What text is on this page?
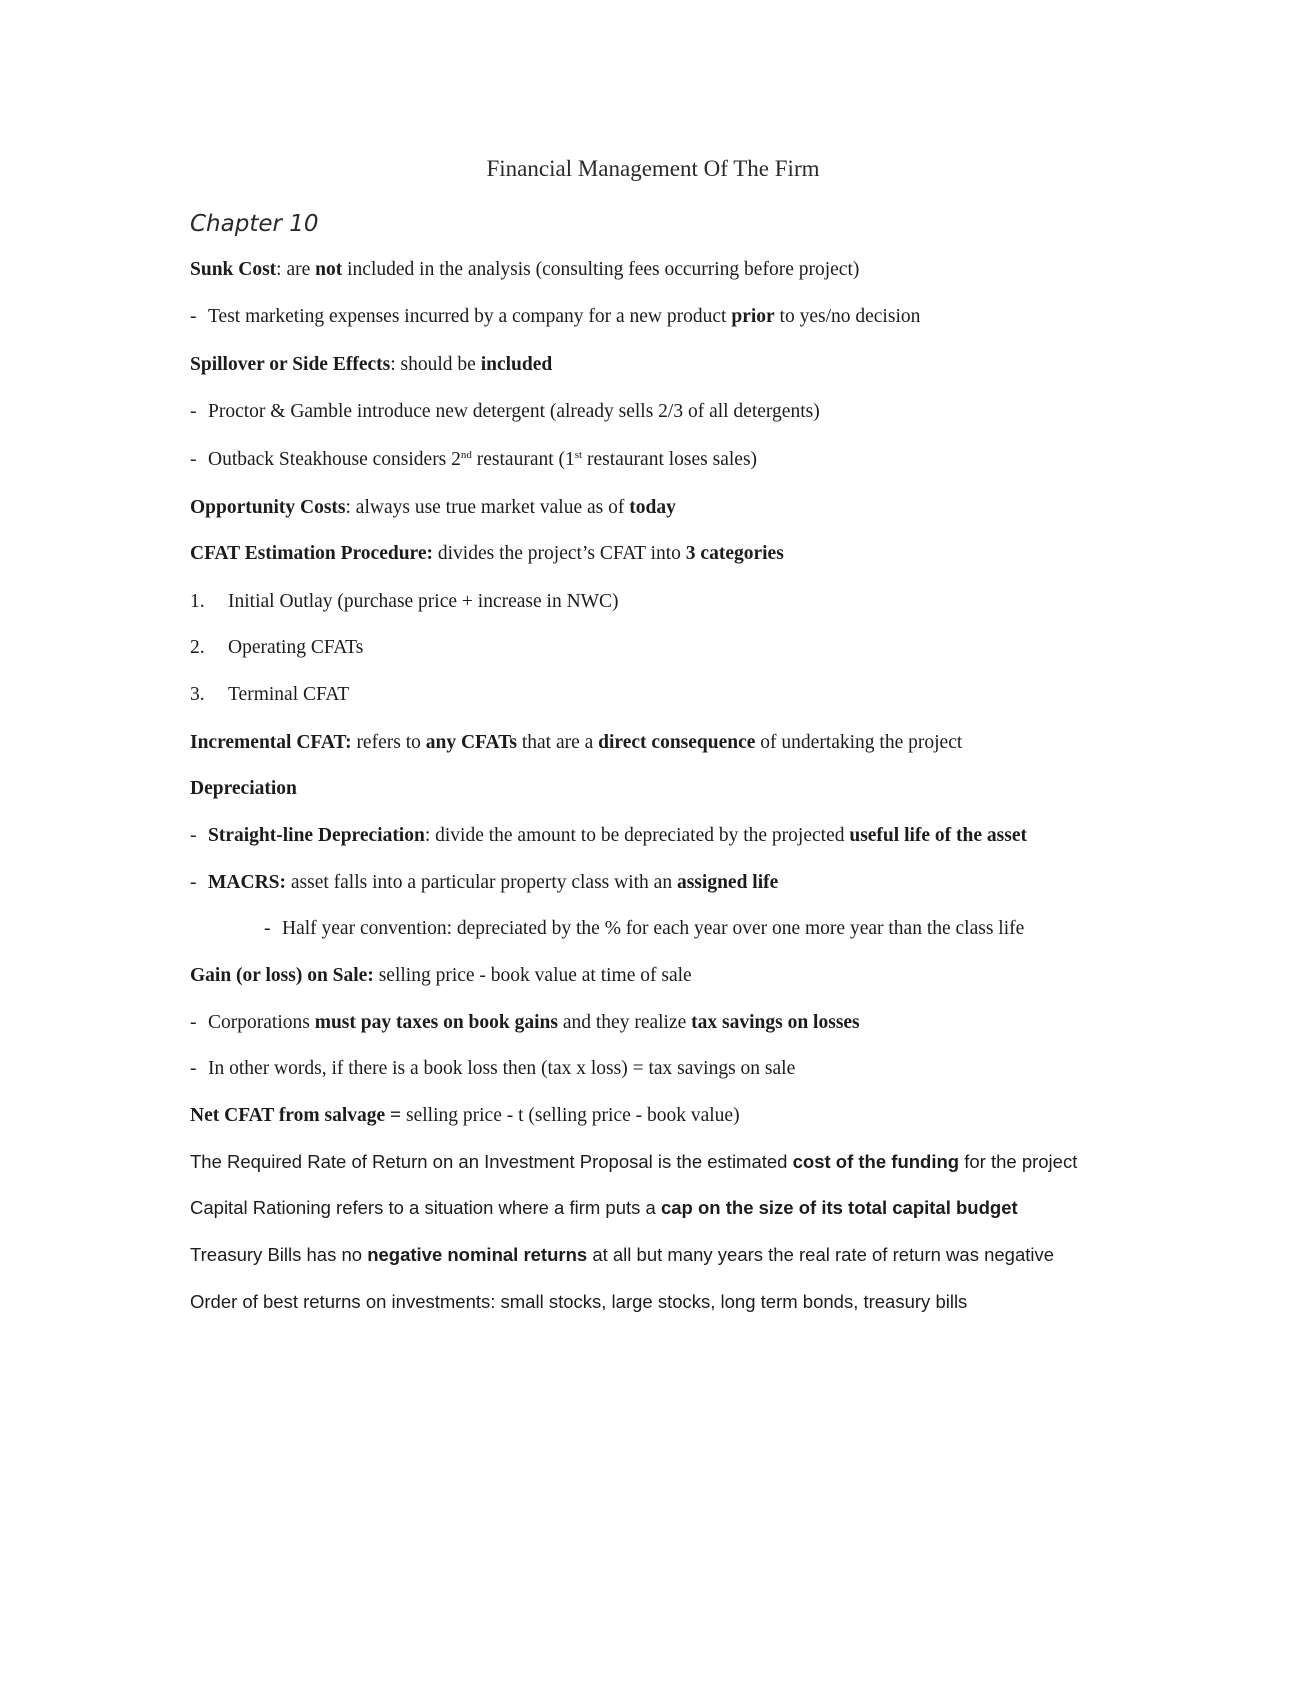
Financial Management Of The Firm
Chapter 10
Sunk Cost: are not included in the analysis (consulting fees occurring before project)
- Test marketing expenses incurred by a company for a new product prior to yes/no decision
Spillover or Side Effects: should be included
- Proctor & Gamble introduce new detergent (already sells 2/3 of all detergents)
- Outback Steakhouse considers 2nd restaurant (1st restaurant loses sales)
Opportunity Costs: always use true market value as of today
CFAT Estimation Procedure: divides the project’s CFAT into 3 categories
1. Initial Outlay (purchase price + increase in NWC)
2. Operating CFATs
3. Terminal CFAT
Incremental CFAT: refers to any CFATs that are a direct consequence of undertaking the project
Depreciation
- Straight-line Depreciation: divide the amount to be depreciated by the projected useful life of the asset
- MACRS: asset falls into a particular property class with an assigned life
- Half year convention: depreciated by the % for each year over one more year than the class life
Gain (or loss) on Sale: selling price - book value at time of sale
- Corporations must pay taxes on book gains and they realize tax savings on losses
- In other words, if there is a book loss then (tax x loss) = tax savings on sale
Net CFAT from salvage = selling price - t (selling price - book value)
The Required Rate of Return on an Investment Proposal is the estimated cost of the funding for the project
Capital Rationing refers to a situation where a firm puts a cap on the size of its total capital budget
Treasury Bills has no negative nominal returns at all but many years the real rate of return was negative
Order of best returns on investments: small stocks, large stocks, long term bonds, treasury bills
